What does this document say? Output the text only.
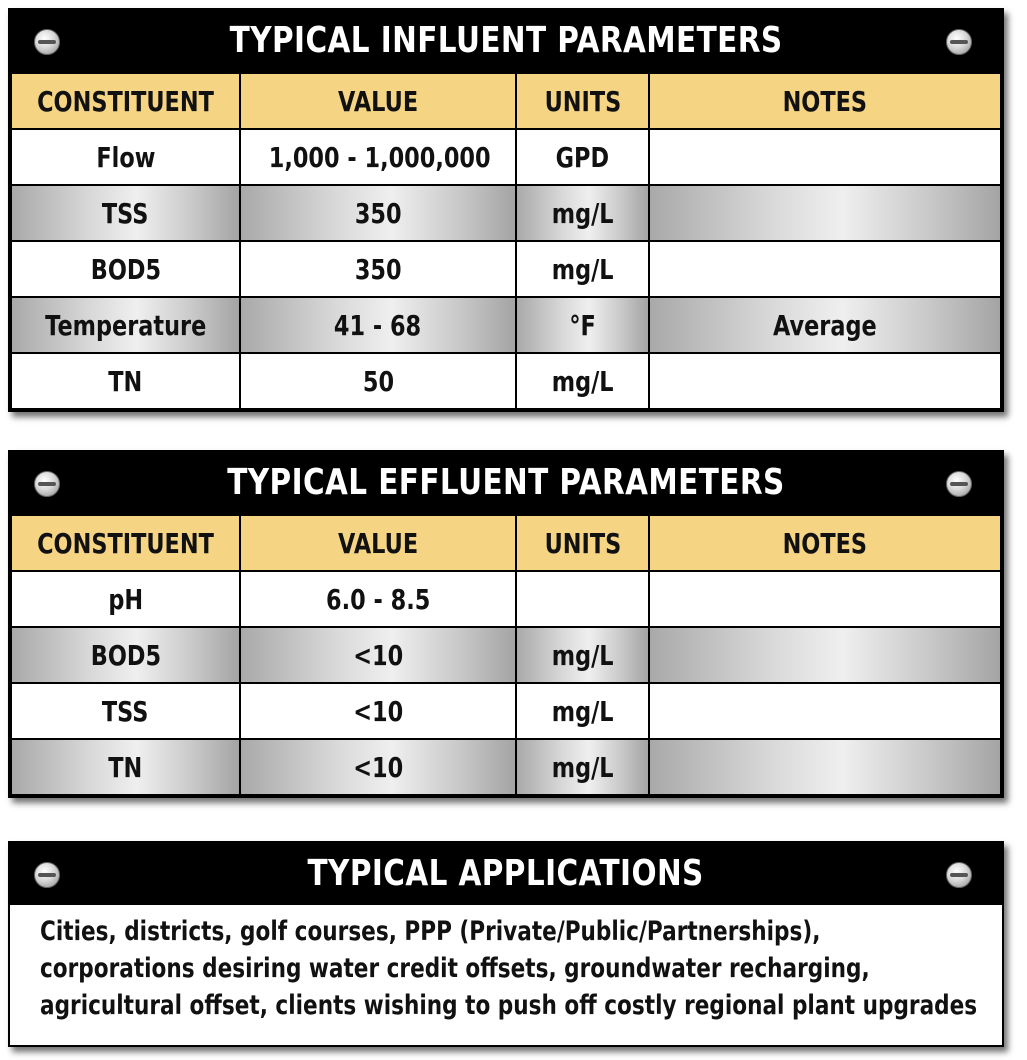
TYPICAL INFLUENT PARAMETERS
CONSTITUENT	VALUE	UNITS	NOTES
Flow	1,000 - 1,000,000	GPD	
TSS	350	mg/L	
BOD5	350	mg/L	
Temperature	41 - 68	°F	Average
TN	50	mg/L	
TYPICAL EFFLUENT PARAMETERS
CONSTITUENT	VALUE	UNITS	NOTES
pH	6.0 - 8.5		
BOD5	<10	mg/L	
TSS	<10	mg/L	
TN	<10	mg/L	
TYPICAL APPLICATIONS
Cities, districts, golf courses, PPP (Private/Public/Partnerships),
corporations desiring water credit offsets, groundwater recharging,
agricultural offset, clients wishing to push off costly regional plant upgrades
